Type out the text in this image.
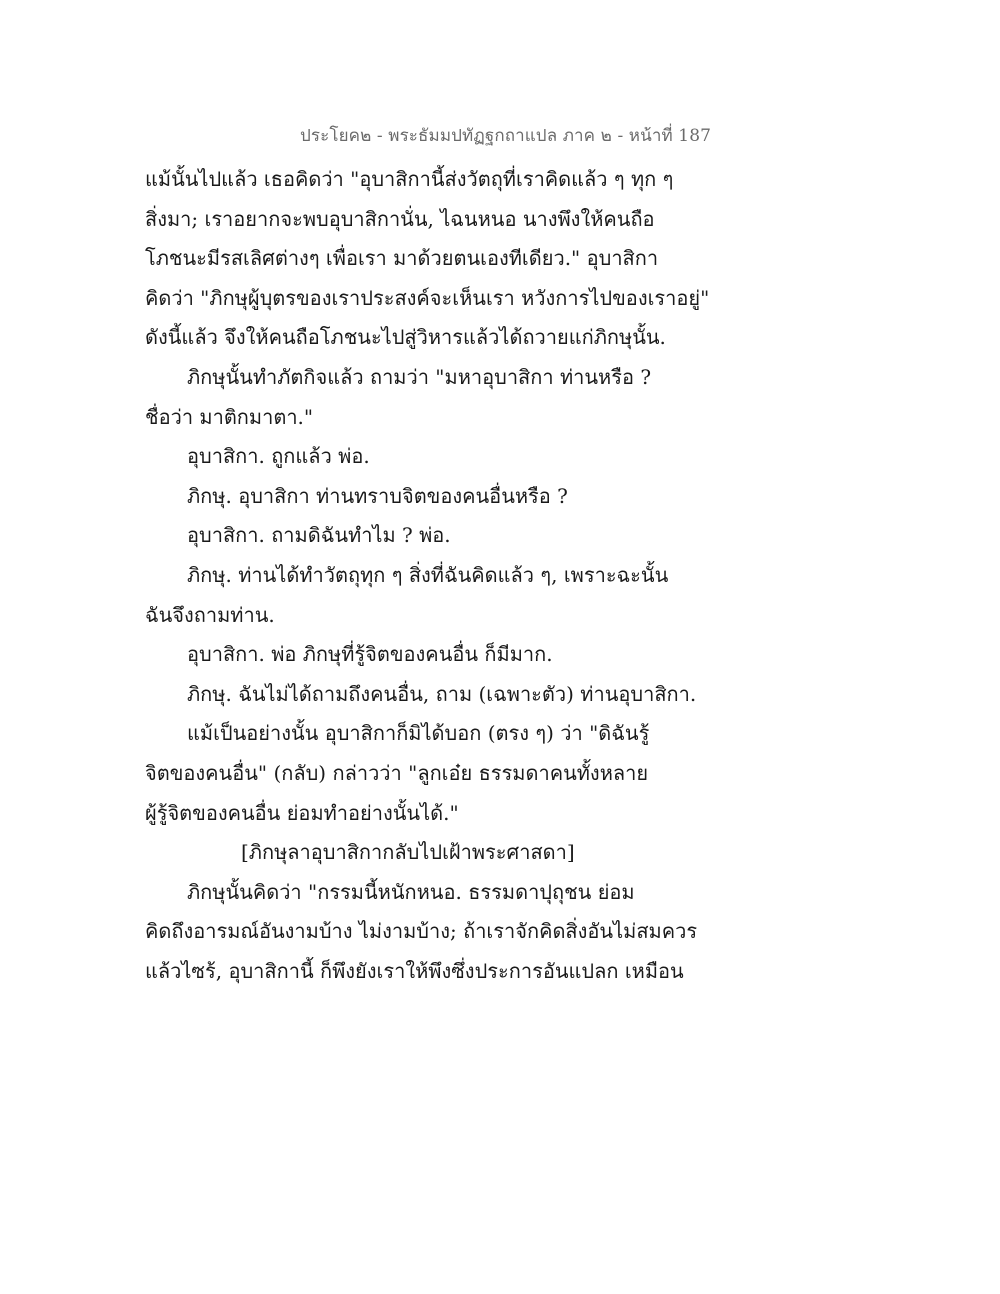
ประโยค๒ - พระธัมมปทัฏฐกถาแปล ภาค ๒ - หน้าที่ 187
แม้นั้นไปแล้ว เธอคิดว่า "อุบาสิกานี้ส่งวัตถุที่เราคิดแล้ว ๆ ทุก ๆ
สิ่งมา; เราอยากจะพบอุบาสิกานั่น, ไฉนหนอ นางพึงให้คนถือ
โภชนะมีรสเลิศต่างๆ เพื่อเรา มาด้วยตนเองทีเดียว." อุบาสิกา
คิดว่า "ภิกษุผู้บุตรของเราประสงค์จะเห็นเรา หวังการไปของเราอยู่"
ดังนี้แล้ว จึงให้คนถือโภชนะไปสู่วิหารแล้วได้ถวายแก่ภิกษุนั้น.
ภิกษุนั้นทำภัตกิจแล้ว ถามว่า "มหาอุบาสิกา ท่านหรือ ?
ชื่อว่า มาติกมาตา."
อุบาสิกา. ถูกแล้ว พ่อ.
ภิกษุ. อุบาสิกา ท่านทราบจิตของคนอื่นหรือ ?
อุบาสิกา. ถามดิฉันทำไม ? พ่อ.
ภิกษุ. ท่านได้ทำวัตถุทุก ๆ สิ่งที่ฉันคิดแล้ว ๆ, เพราะฉะนั้น
ฉันจึงถามท่าน.
อุบาสิกา. พ่อ ภิกษุที่รู้จิตของคนอื่น ก็มีมาก.
ภิกษุ. ฉันไม่ได้ถามถึงคนอื่น, ถาม (เฉพาะตัว) ท่านอุบาสิกา.
แม้เป็นอย่างนั้น อุบาสิกาก็มิได้บอก (ตรง ๆ) ว่า "ดิฉันรู้
จิตของคนอื่น" (กลับ) กล่าวว่า "ลูกเอ๋ย ธรรมดาคนทั้งหลาย
ผู้รู้จิตของคนอื่น ย่อมทำอย่างนั้นได้."
[ภิกษุลาอุบาสิกากลับไปเฝ้าพระศาสดา]
ภิกษุนั้นคิดว่า "กรรมนี้หนักหนอ. ธรรมดาปุถุชน ย่อม
คิดถึงอารมณ์อันงามบ้าง ไม่งามบ้าง; ถ้าเราจักคิดสิ่งอันไม่สมควร
แล้วไซร้, อุบาสิกานี้ ก็พึงยังเราให้พึงซึ่งประการอันแปลก เหมือน
